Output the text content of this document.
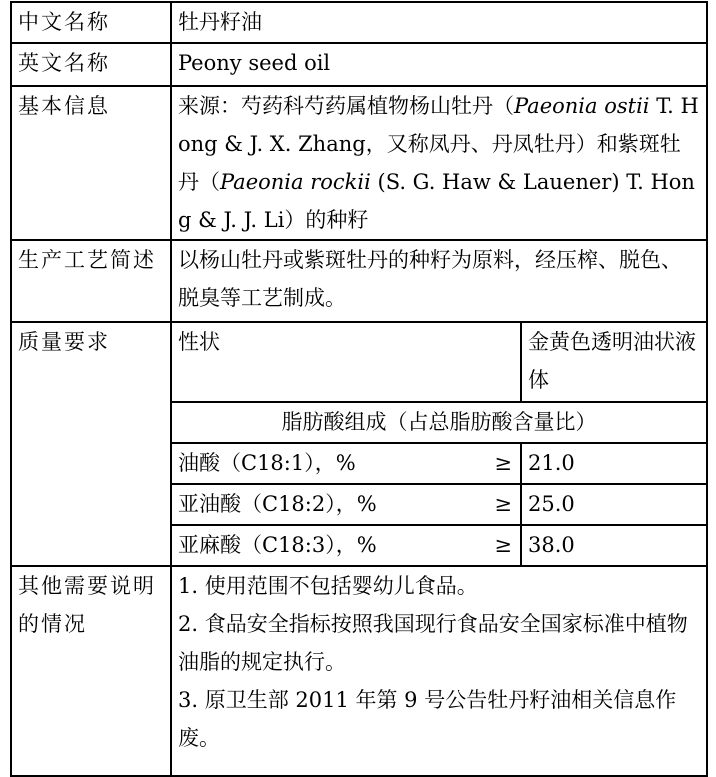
中文名称	牡丹籽油	
英文名称	Peony seed oil	
基本信息	来源：芍药科芍药属植物杨山牡丹（Paeonia ostii T. Hong & J. X. Zhang，又称凤丹、丹凤牡丹）和紫斑牡丹（Paeonia rockii (S. G. Haw & Lauener) T. Hong & J. J. Li）的种籽	
生产工艺简述	以杨山牡丹或紫斑牡丹的种籽为原料，经压榨、脱色、脱臭等工艺制成。	
质量要求	性状	金黄色透明油状液体
	脂肪酸组成（占总脂肪酸含量比）	
	油酸（C18:1），% ≥	21.0
	亚油酸（C18:2），% ≥	25.0
	亚麻酸（C18:3），% ≥	38.0
其他需要说明的情况	1. 使用范围不包括婴幼儿食品。

2. 食品安全指标按照我国现行食品安全国家标准中植物油脂的规定执行。

3. 原卫生部 2011 年第 9 号公告牡丹籽油相关信息作废。	
